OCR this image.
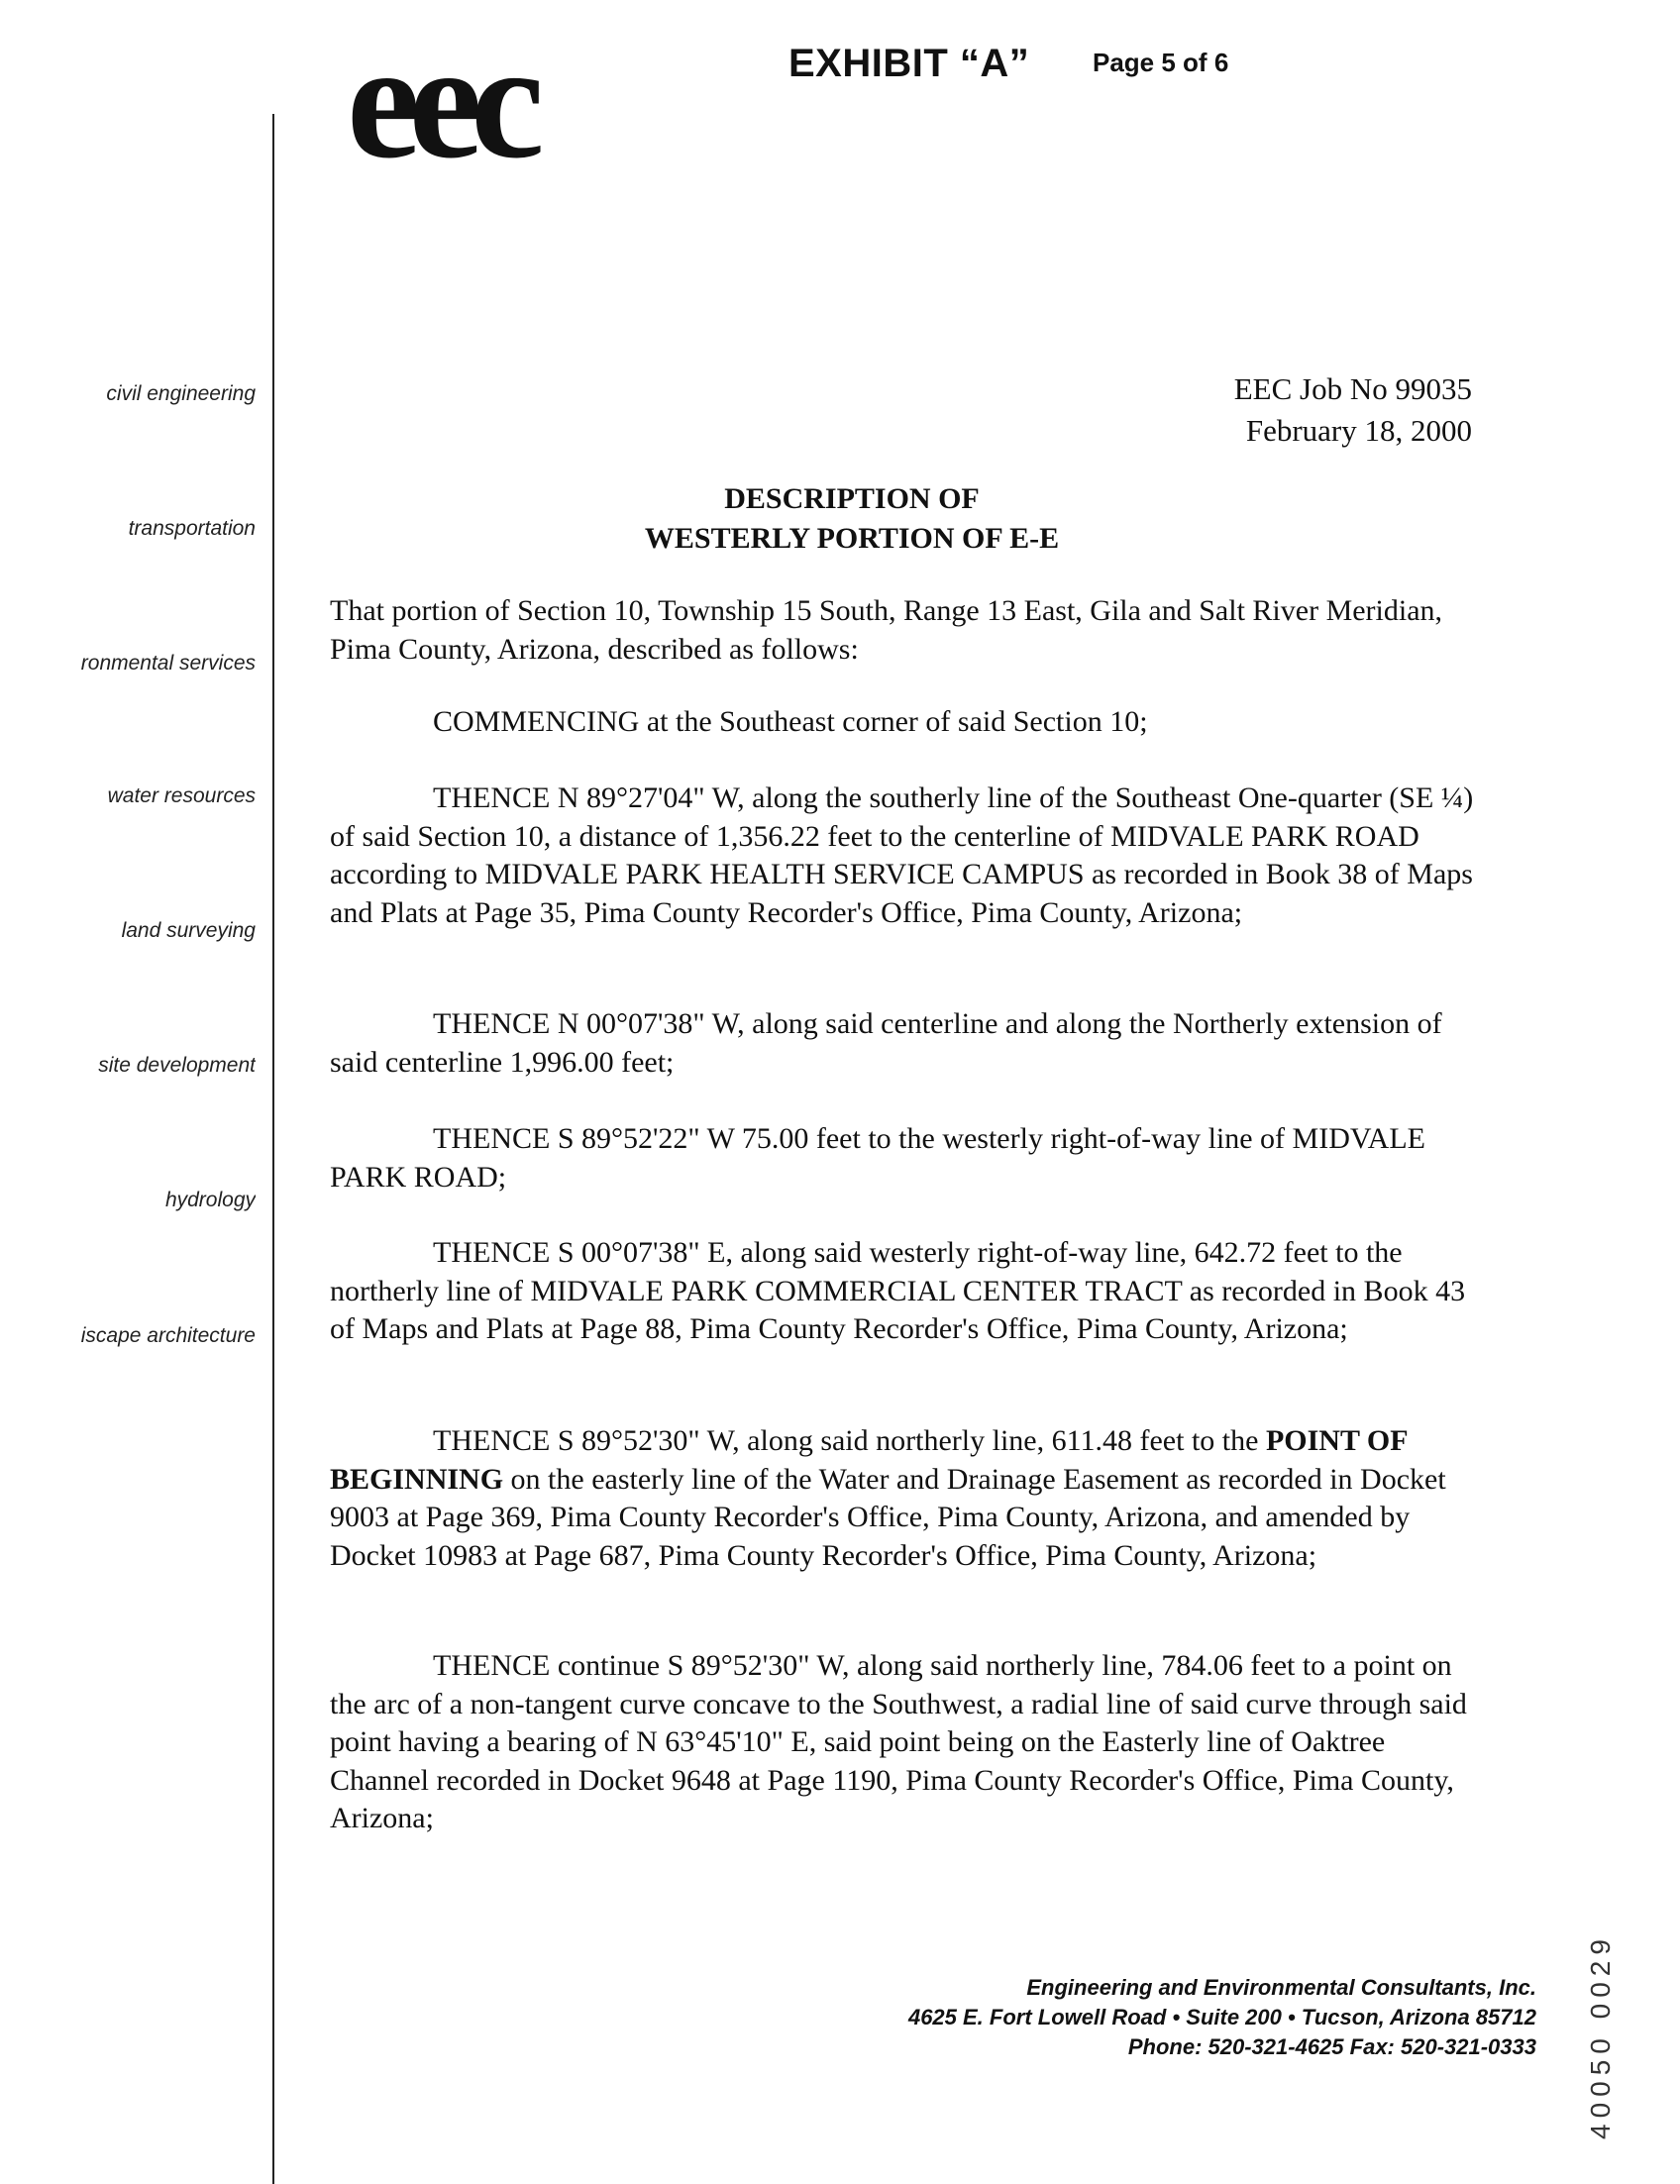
eec	EXHIBIT “A” Page 5 of 6
civil engineering
transportation
ronmental services
water resources
land surveying
site development
hydrology
iscape architecture
EEC Job No 99035
February 18, 2000
DESCRIPTION OF
WESTERLY PORTION OF E-E

That portion of Section 10, Township 15 South, Range 13 East, Gila and Salt River Meridian, Pima County, Arizona, described as follows:

COMMENCING at the Southeast corner of said Section 10;

THENCE N 89°27'04" W, along the southerly line of the Southeast One-quarter (SE ¼) of said Section 10, a distance of 1,356.22 feet to the centerline of MIDVALE PARK ROAD according to MIDVALE PARK HEALTH SERVICE CAMPUS as recorded in Book 38 of Maps and Plats at Page 35, Pima County Recorder's Office, Pima County, Arizona;

THENCE N 00°07'38" W, along said centerline and along the Northerly extension of said centerline 1,996.00 feet;

THENCE S 89°52'22" W 75.00 feet to the westerly right-of-way line of MIDVALE PARK ROAD;

THENCE S 00°07'38" E, along said westerly right-of-way line, 642.72 feet to the northerly line of MIDVALE PARK COMMERCIAL CENTER TRACT as recorded in Book 43 of Maps and Plats at Page 88, Pima County Recorder's Office, Pima County, Arizona;

THENCE S 89°52'30" W, along said northerly line, 611.48 feet to the POINT OF BEGINNING on the easterly line of the Water and Drainage Easement as recorded in Docket 9003 at Page 369, Pima County Recorder's Office, Pima County, Arizona, and amended by Docket 10983 at Page 687, Pima County Recorder's Office, Pima County, Arizona;

THENCE continue S 89°52'30" W, along said northerly line, 784.06 feet to a point on the arc of a non-tangent curve concave to the Southwest, a radial line of said curve through said point having a bearing of N 63°45'10" E, said point being on the Easterly line of Oaktree Channel recorded in Docket 9648 at Page 1190, Pima County Recorder's Office, Pima County, Arizona;

Engineering and Environmental Consultants, Inc.
4625 E. Fort Lowell Road • Suite 200 • Tucson, Arizona 85712
Phone: 520-321-4625 Fax: 520-321-0333 40050 0029
